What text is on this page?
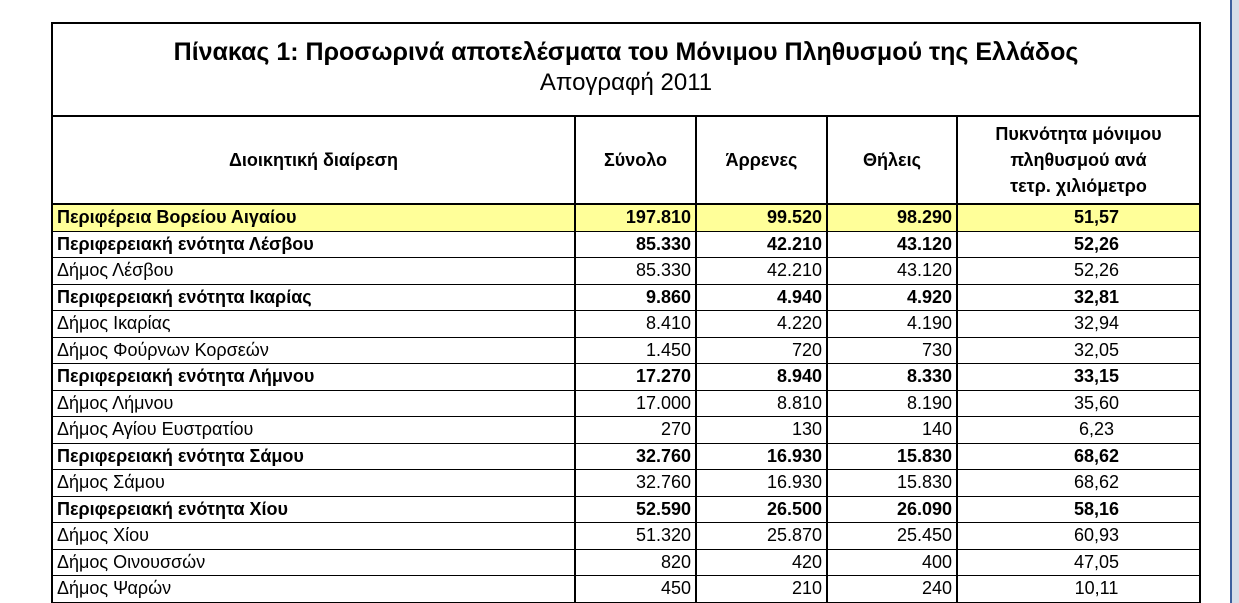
Πίνακας 1: Προσωρινά αποτελέσματα του Μόνιμου Πληθυσμού της Ελλάδος
Απογραφή 2011
Διοικητική διαίρεση	Σύνολο	Άρρενες	Θήλεις	Πυκνότητα μόνιμου
πληθυσμού ανά
τετρ. χιλιόμετρο
Περιφέρεια Βορείου Αιγαίου	197.810	99.520	98.290	51,57
Περιφερειακή ενότητα Λέσβου	85.330	42.210	43.120	52,26
Δήμος Λέσβου	85.330	42.210	43.120	52,26
Περιφερειακή ενότητα Ικαρίας	9.860	4.940	4.920	32,81
Δήμος Ικαρίας	8.410	4.220	4.190	32,94
Δήμος Φούρνων Κορσεών	1.450	720	730	32,05
Περιφερειακή ενότητα Λήμνου	17.270	8.940	8.330	33,15
Δήμος Λήμνου	17.000	8.810	8.190	35,60
Δήμος Αγίου Ευστρατίου	270	130	140	6,23
Περιφερειακή ενότητα Σάμου	32.760	16.930	15.830	68,62
Δήμος Σάμου	32.760	16.930	15.830	68,62
Περιφερειακή ενότητα Χίου	52.590	26.500	26.090	58,16
Δήμος Χίου	51.320	25.870	25.450	60,93
Δήμος Οινουσσών	820	420	400	47,05
Δήμος Ψαρών	450	210	240	10,11
